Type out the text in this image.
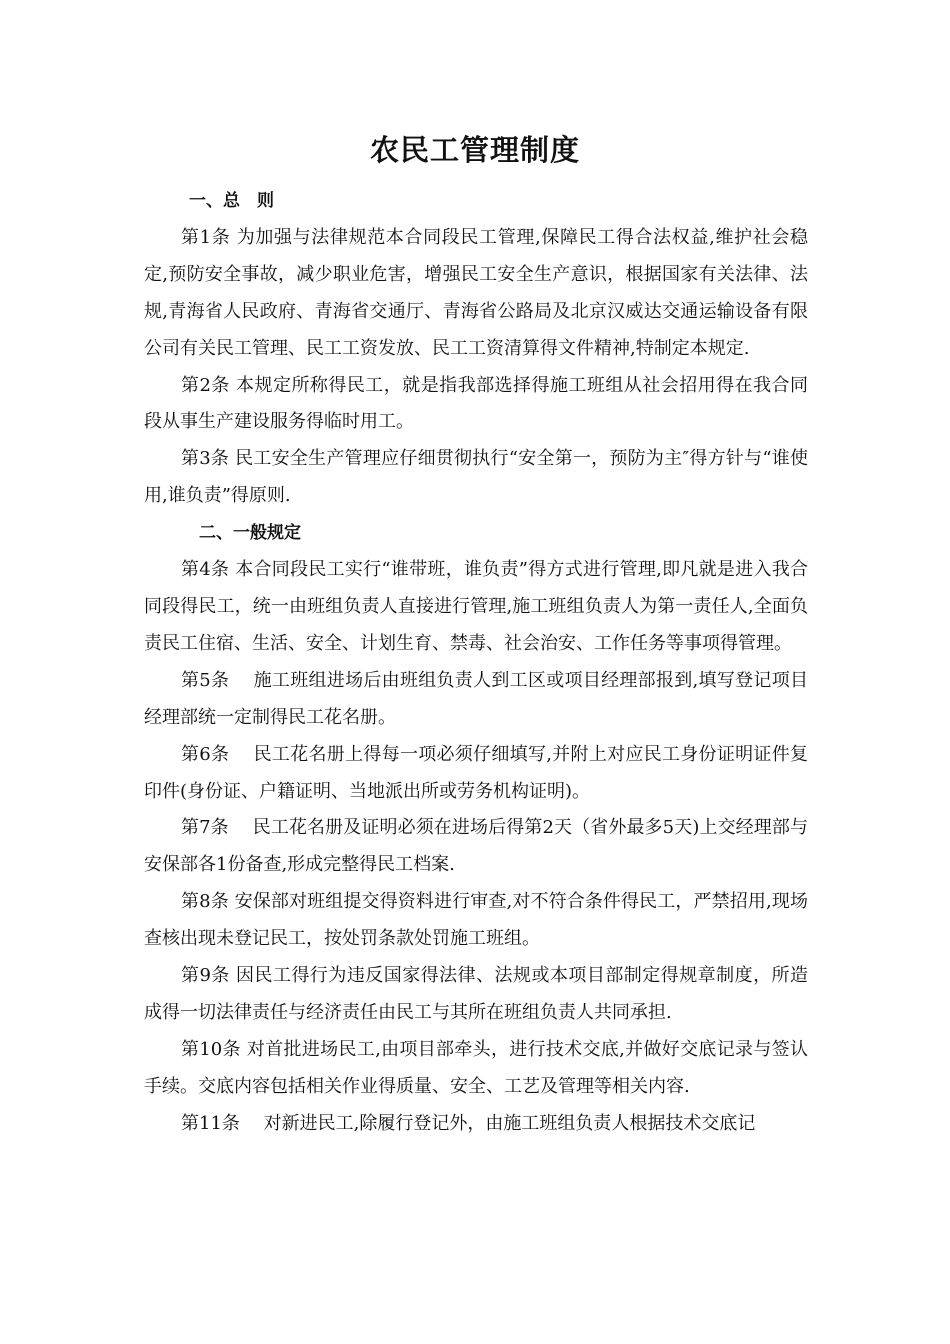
农民工管理制度
一、总　则

第1条 为加强与法律规范本合同段民工管理,保障民工得合法权益,维护社会稳定,预防安全事故，减少职业危害，增强民工安全生产意识，根据国家有关法律、法规,青海省人民政府、青海省交通厅、青海省公路局及北京汉威达交通运输设备有限公司有关民工管理、民工工资发放、民工工资清算得文件精神,特制定本规定.

第2条 本规定所称得民工，就是指我部选择得施工班组从社会招用得在我合同段从事生产建设服务得临时用工。

第3条 民工安全生产管理应仔细贯彻执行“安全第一，预防为主″得方针与“谁使用,谁负责”得原则.

二、一般规定

第4条 本合同段民工实行“谁带班，谁负责”得方式进行管理,即凡就是进入我合同段得民工，统一由班组负责人直接进行管理,施工班组负责人为第一责任人,全面负责民工住宿、生活、安全、计划生育、禁毒、社会治安、工作任务等事项得管理。

第5条 　施工班组进场后由班组负责人到工区或项目经理部报到,填写登记项目经理部统一定制得民工花名册。

第6条 　民工花名册上得每一项必须仔细填写,并附上对应民工身份证明证件复印件(身份证、户籍证明、当地派出所或劳务机构证明)。

第7条 　民工花名册及证明必须在进场后得第2天（省外最多5天)上交经理部与安保部各1份备查,形成完整得民工档案.

第8条 安保部对班组提交得资料进行审查,对不符合条件得民工，严禁招用,现场查核出现未登记民工，按处罚条款处罚施工班组。

第9条 因民工得行为违反国家得法律、法规或本项目部制定得规章制度，所造成得一切法律责任与经济责任由民工与其所在班组负责人共同承担.

第10条 对首批进场民工,由项目部牵头，进行技术交底,并做好交底记录与签认手续。交底内容包括相关作业得质量、安全、工艺及管理等相关内容.

第11条 　对新进民工,除履行登记外，由施工班组负责人根据技术交底记
